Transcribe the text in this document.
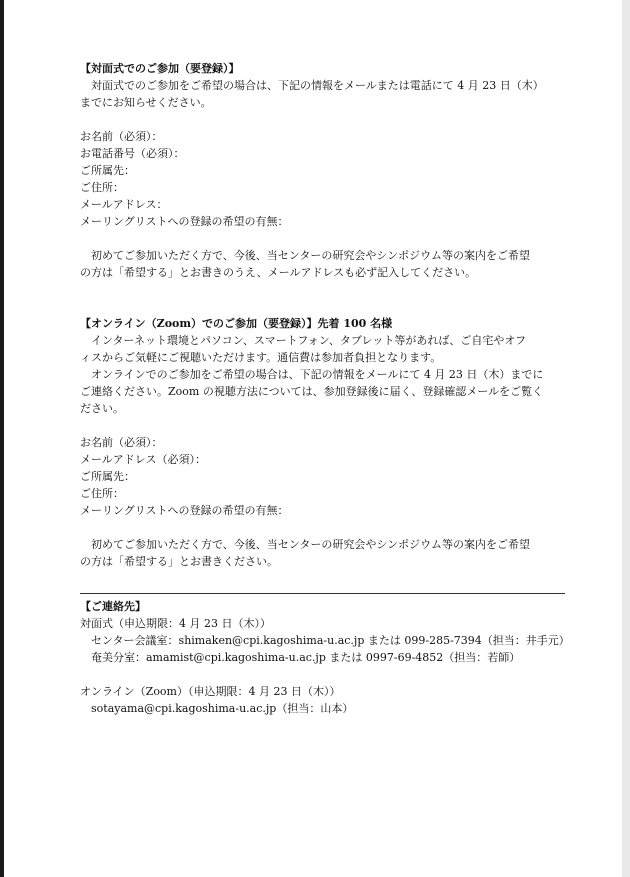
【対面式でのご参加（要登録）】
対面式でのご参加をご希望の場合は、下記の情報をメールまたは電話にて 4 月 23 日（木）
までにお知らせください。
お名前（必須）：
お電話番号（必須）：
ご所属先：
ご住所：
メールアドレス：
メーリングリストへの登録の希望の有無：
初めてご参加いただく方で、今後、当センターの研究会やシンポジウム等の案内をご希望
の方は「希望する」とお書きのうえ、メールアドレスも必ず記入してください。
【オンライン（Zoom）でのご参加（要登録）】先着 100 名様
インターネット環境とパソコン、スマートフォン、タブレット等があれば、ご自宅やオフ
ィスからご気軽にご視聴いただけます。通信費は参加者負担となります。
オンラインでのご参加をご希望の場合は、下記の情報をメールにて 4 月 23 日（木）までに
ご連絡ください。Zoom の視聴方法については、参加登録後に届く、登録確認メールをご覧く
ださい。
お名前（必須）：
メールアドレス（必須）：
ご所属先：
ご住所：
メーリングリストへの登録の希望の有無：
初めてご参加いただく方で、今後、当センターの研究会やシンポジウム等の案内をご希望
の方は「希望する」とお書きください。
【ご連絡先】
対面式（申込期限：4 月 23 日（木））
センター会議室：shimaken@cpi.kagoshima-u.ac.jp または 099-285-7394（担当：井手元）
奄美分室：amamist@cpi.kagoshima-u.ac.jp または 0997-69-4852（担当：若師）
オンライン（Zoom）（申込期限：4 月 23 日（木））
sotayama@cpi.kagoshima-u.ac.jp（担当：山本）
